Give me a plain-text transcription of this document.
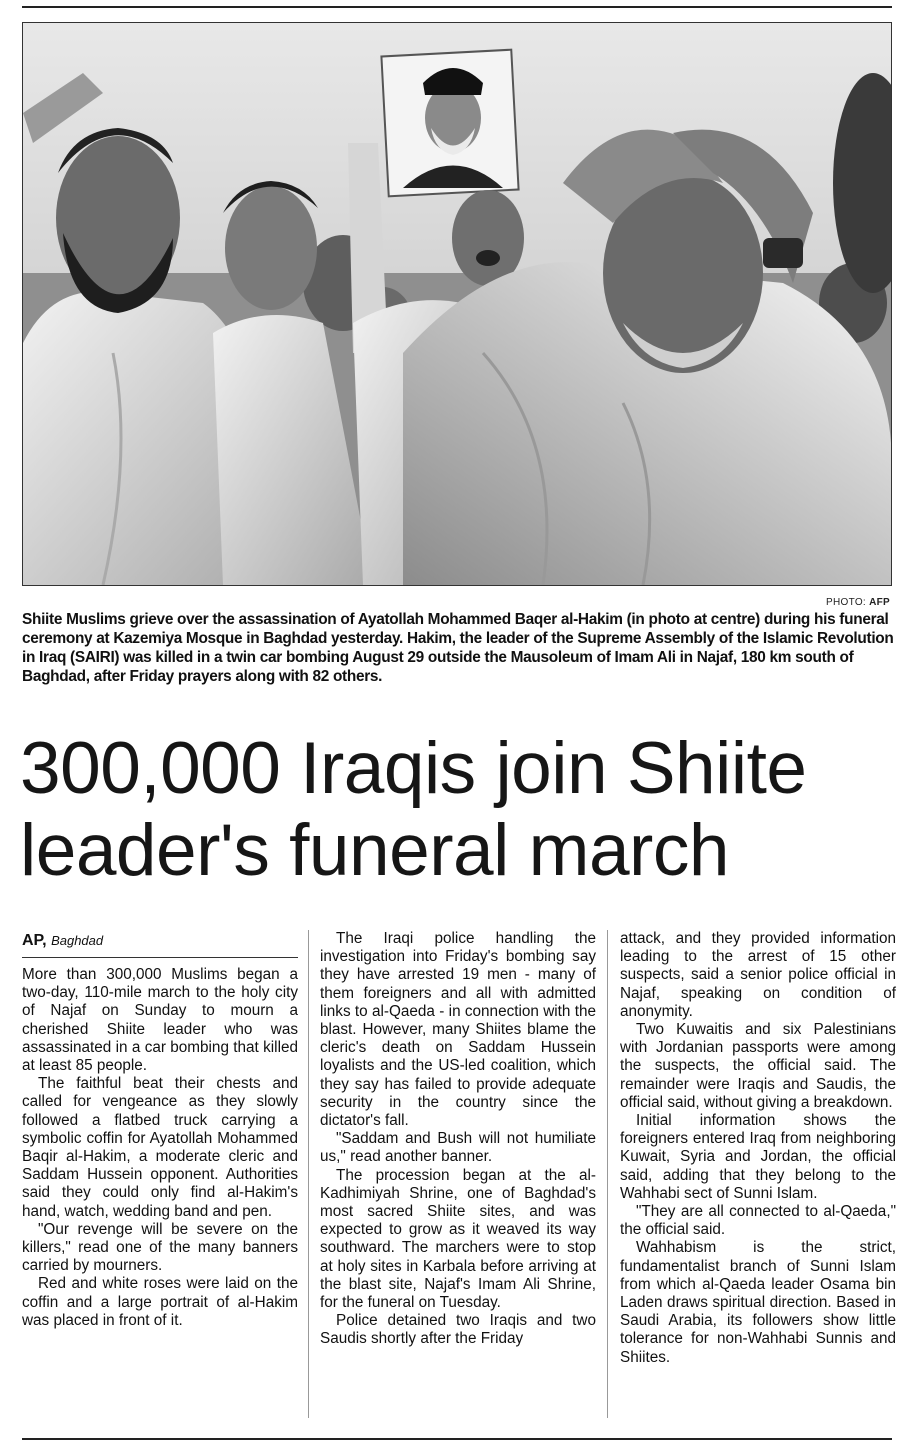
PHOTO: AFP
Shiite Muslims grieve over the assassination of Ayatollah Mohammed Baqer al-Hakim (in photo at centre) during his funeral ceremony at Kazemiya Mosque in Baghdad yesterday. Hakim, the leader of the Supreme Assembly of the Islamic Revolution in Iraq (SAIRI) was killed in a twin car bombing August 29 outside the Mausoleum of Imam Ali in Najaf, 180 km south of Baghdad, after Friday prayers along with 82 others.
300,000 Iraqis join Shiite leader's funeral march
AP, Baghdad

More than 300,000 Muslims began a two-day, 110-mile march to the holy city of Najaf on Sunday to mourn a cherished Shiite leader who was assassinated in a car bombing that killed at least 85 people.

The faithful beat their chests and called for vengeance as they slowly followed a flatbed truck carrying a symbolic coffin for Ayatollah Mohammed Baqir al-Hakim, a moderate cleric and Saddam Hussein opponent. Authorities said they could only find al-Hakim's hand, watch, wedding band and pen.

"Our revenge will be severe on the killers," read one of the many banners carried by mourners.

Red and white roses were laid on the coffin and a large portrait of al-Hakim was placed in front of it.

The Iraqi police handling the investigation into Friday's bombing say they have arrested 19 men - many of them foreigners and all with admitted links to al-Qaeda - in connection with the blast. However, many Shiites blame the cleric's death on Saddam Hussein loyalists and the US-led coalition, which they say has failed to provide adequate security in the country since the dictator's fall.

"Saddam and Bush will not humiliate us," read another banner.

The procession began at the al-Kadhimiyah Shrine, one of Baghdad's most sacred Shiite sites, and was expected to grow as it weaved its way southward. The marchers were to stop at holy sites in Karbala before arriving at the blast site, Najaf's Imam Ali Shrine, for the funeral on Tuesday.

Police detained two Iraqis and two Saudis shortly after the Friday

attack, and they provided information leading to the arrest of 15 other suspects, said a senior police official in Najaf, speaking on condition of anonymity.

Two Kuwaitis and six Palestinians with Jordanian passports were among the suspects, the official said. The remainder were Iraqis and Saudis, the official said, without giving a breakdown.

Initial information shows the foreigners entered Iraq from neighboring Kuwait, Syria and Jordan, the official said, adding that they belong to the Wahhabi sect of Sunni Islam.

"They are all connected to al-Qaeda," the official said.

Wahhabism is the strict, fundamentalist branch of Sunni Islam from which al-Qaeda leader Osama bin Laden draws spiritual direction. Based in Saudi Arabia, its followers show little tolerance for non-Wahhabi Sunnis and Shiites.
